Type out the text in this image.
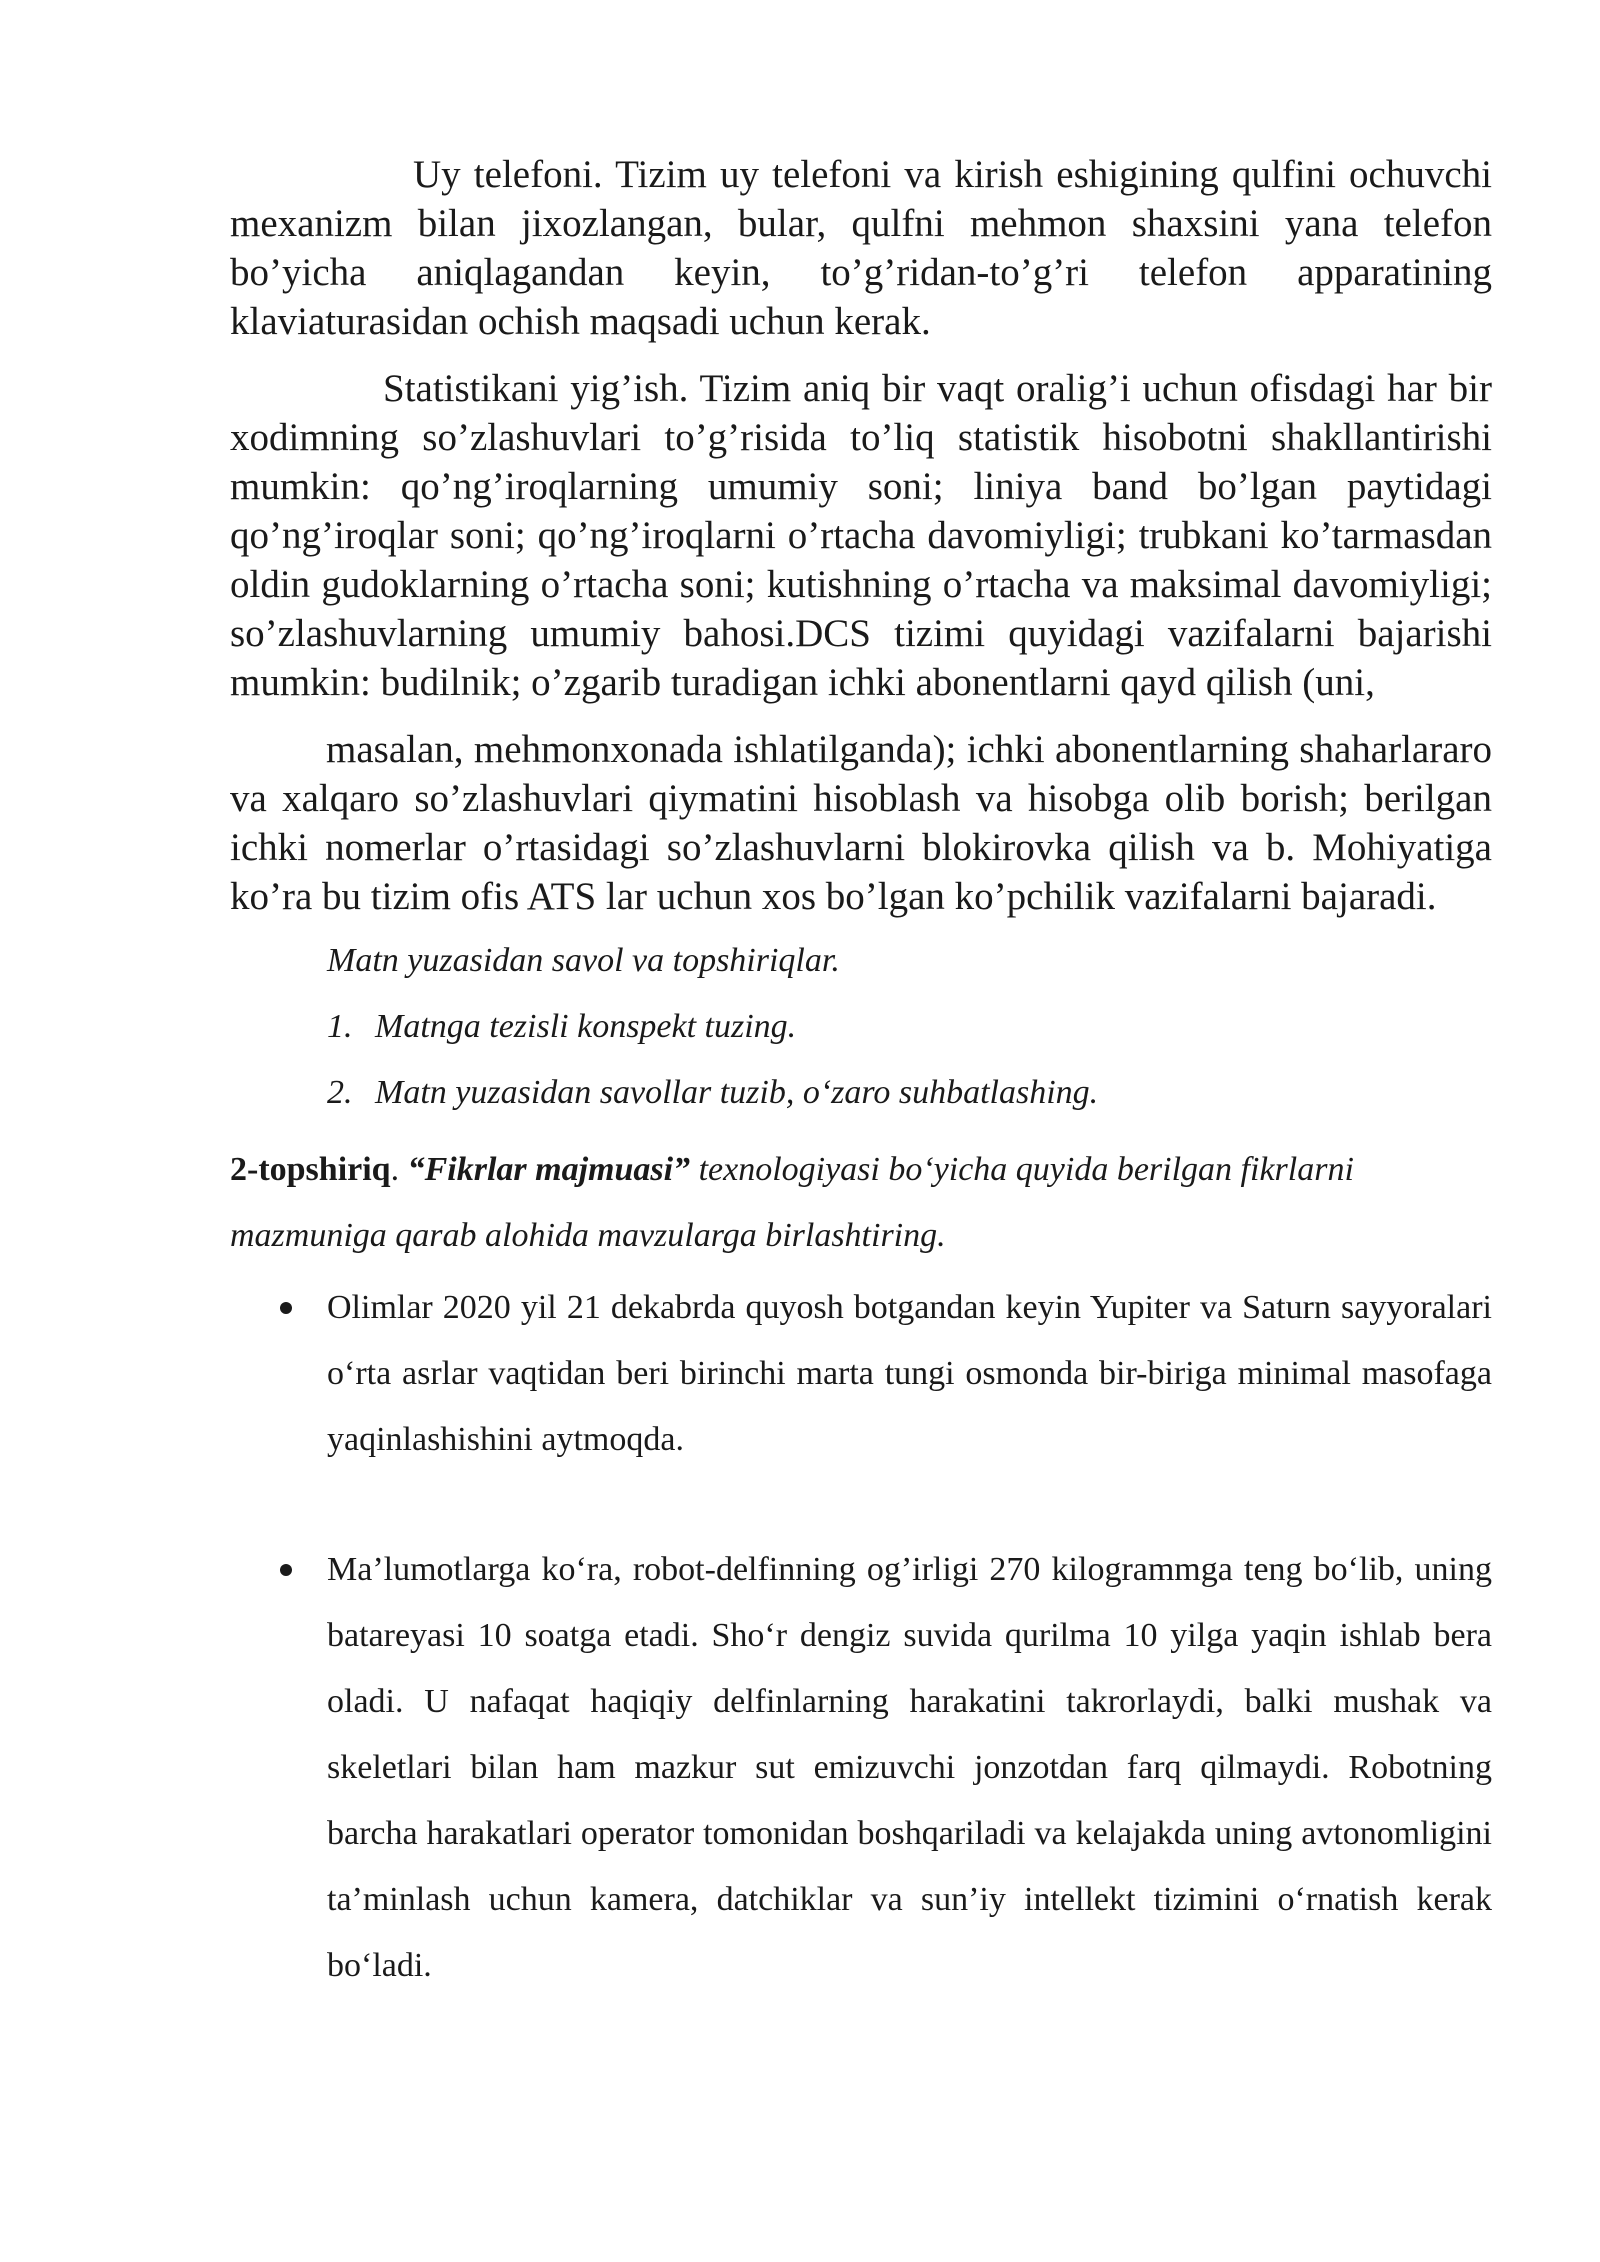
Uy telefoni. Tizim uy telefoni va kirish eshigining qulfini ochuvchi mexanizm bilan jixozlangan, bular, qulfni mehmon shaxsini yana telefon bo’yicha aniqlagandan keyin, to’g’ridan-to’g’ri telefon apparatining klaviaturasidan ochish maqsadi uchun kerak.

Statistikani yig’ish. Tizim aniq bir vaqt oralig’i uchun ofisdagi har bir xodimning so’zlashuvlari to’g’risida to’liq statistik hisobotni shakllantirishi mumkin: qo’ng’iroqlarning umumiy soni; liniya band bo’lgan paytidagi qo’ng’iroqlar soni; qo’ng’iroqlarni o’rtacha davomiyligi; trubkani ko’tarmasdan oldin gudoklarning o’rtacha soni; kutishning o’rtacha va maksimal davomiyligi; so’zlashuvlarning umumiy bahosi.DCS tizimi quyidagi vazifalarni bajarishi mumkin: budilnik; o’zgarib turadigan ichki abonentlarni qayd qilish (uni,

masalan, mehmonxonada ishlatilganda); ichki abonentlarning shaharlararo va xalqaro so’zlashuvlari qiymatini hisoblash va hisobga olib borish; berilgan ichki nomerlar o’rtasidagi so’zlashuvlarni blokirovka qilish va b. Mohiyatiga ko’ra bu tizim ofis ATS lar uchun xos bo’lgan ko’pchilik vazifalarni bajaradi.

Matn yuzasidan savol va topshiriqlar.

1. Matnga tezisli konspekt tuzing.
2. Matn yuzasidan savollar tuzib, o‘zaro suhbatlashing.

2-topshiriq. “Fikrlar majmuasi” texnologiyasi bo‘yicha quyida berilgan fikrlarni mazmuniga qarab alohida mavzularga birlashtiring.

Olimlar 2020 yil 21 dekabrda quyosh botgandan keyin Yupiter va Saturn sayyoralari o‘rta asrlar vaqtidan beri birinchi marta tungi osmonda bir-biriga minimal masofaga yaqinlashishini aytmoqda.
Ma’lumotlarga ko‘ra, robot-delfinning og’irligi 270 kilogrammga teng bo‘lib, uning batareyasi 10 soatga etadi. Sho‘r dengiz suvida qurilma 10 yilga yaqin ishlab bera oladi. U nafaqat haqiqiy delfinlarning harakatini takrorlaydi, balki mushak va skeletlari bilan ham mazkur sut emizuvchi jonzotdan farq qilmaydi. Robotning barcha harakatlari operator tomonidan boshqariladi va kelajakda uning avtonomligini ta’minlash uchun kamera, datchiklar va sun’iy intellekt tizimini o‘rnatish kerak bo‘ladi.
